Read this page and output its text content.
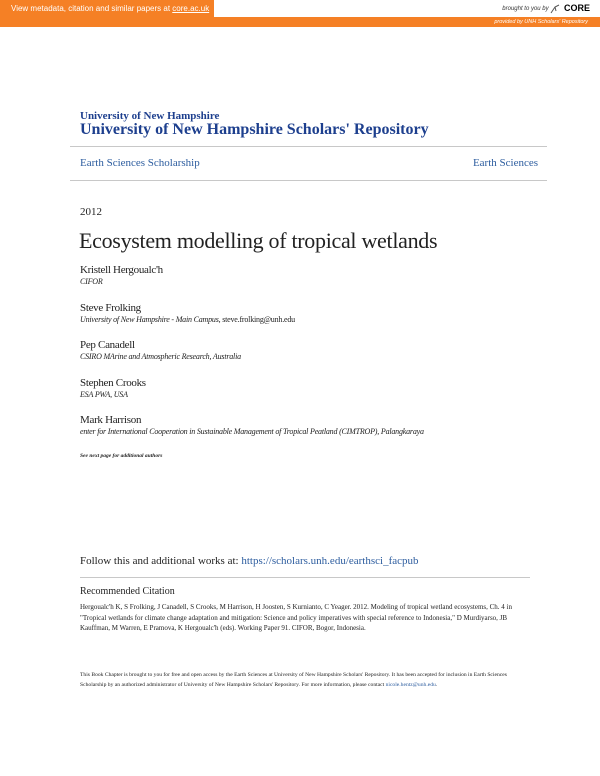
View metadata, citation and similar papers at core.ac.uk	brought to you by CORE
provided by UNH Scholars' Repository
University of New Hampshire
University of New Hampshire Scholars' Repository
Earth Sciences Scholarship	Earth Sciences
2012
Ecosystem modelling of tropical wetlands
Kristell Hergoualc'h
CIFOR
Steve Frolking
University of New Hampshire - Main Campus, steve.frolking@unh.edu
Pep Canadell
CSIRO MArine and Atmospheric Research, Australia
Stephen Crooks
ESA PWA, USA
Mark Harrison
enter for International Cooperation in Sustainable Management of Tropical Peatland (CIMTROP), Palangkaraya
See next page for additional authors
Follow this and additional works at: https://scholars.unh.edu/earthsci_facpub
Recommended Citation
Hergoualc'h K, S Frolking, J Canadell, S Crooks, M Harrison, H Joosten, S Kurnianto, C Yeager. 2012. Modeling of tropical wetland ecosystems, Ch. 4 in "Tropical wetlands for climate change adaptation and mitigation: Science and policy imperatives with special reference to Indonesia," D Murdiyarso, JB Kauffman, M Warren, E Pramova, K Hergoualc'h (eds). Working Paper 91. CIFOR, Bogor, Indonesia.
This Book Chapter is brought to you for free and open access by the Earth Sciences at University of New Hampshire Scholars' Repository. It has been accepted for inclusion in Earth Sciences Scholarship by an authorized administrator of University of New Hampshire Scholars' Repository. For more information, please contact nicole.hentz@unh.edu.
